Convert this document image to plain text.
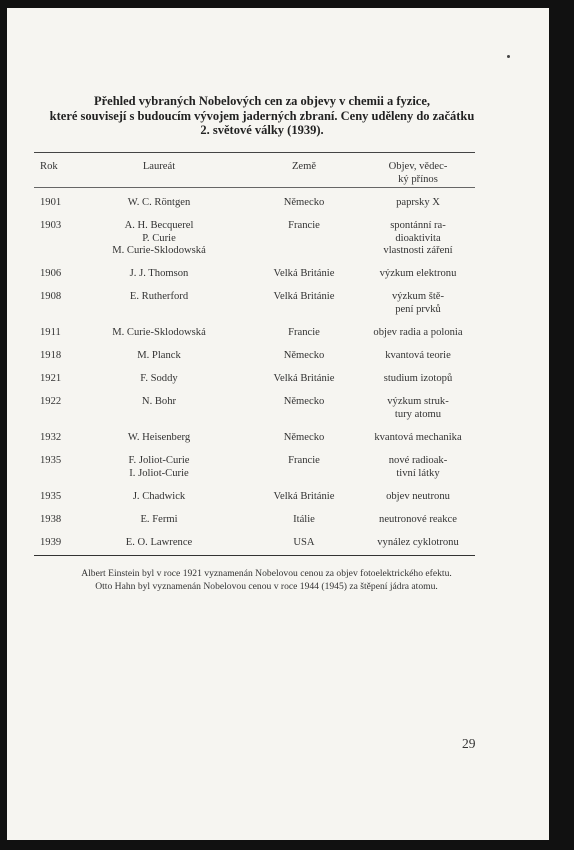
Přehled vybraných Nobelových cen za objevy v chemii a fyzice,
které souvisejí s budoucím vývojem jaderných zbraní. Ceny uděleny do začátku
2. světové války (1939).
Rok	Laureát	Země	Objev, vědec-
ký přínos
1901	W. C. Röntgen	Německo	paprsky X
1903	A. H. Becquerel
P. Curie
M. Curie-Sklodowská
Francie	spontánní ra-
dioaktivita
vlastnosti záření
1906	J. J. Thomson	Velká Británie	výzkum elektronu
1908	E. Rutherford	Velká Británie	výzkum ště-
pení prvků
1911	M. Curie-Sklodowská	Francie	objev radia a polonia
1918	M. Planck	Německo	kvantová teorie
1921	F. Soddy	Velká Británie	studium izotopů
1922	N. Bohr	Německo	výzkum struk-
tury atomu
1932	W. Heisenberg	Německo	kvantová mechanika
1935	F. Joliot-Curie
I. Joliot-Curie
Francie	nové radioak-
tivní látky
1935	J. Chadwick	Velká Británie	objev neutronu
1938	E. Fermi	Itálie	neutronové reakce
1939	E. O. Lawrence	USA	vynález cyklotronu
Albert Einstein byl v roce 1921 vyznamenán Nobelovou cenou za objev fotoelektrického efektu.
Otto Hahn byl vyznamenán Nobelovou cenou v roce 1944 (1945) za štěpení jádra atomu.
29
